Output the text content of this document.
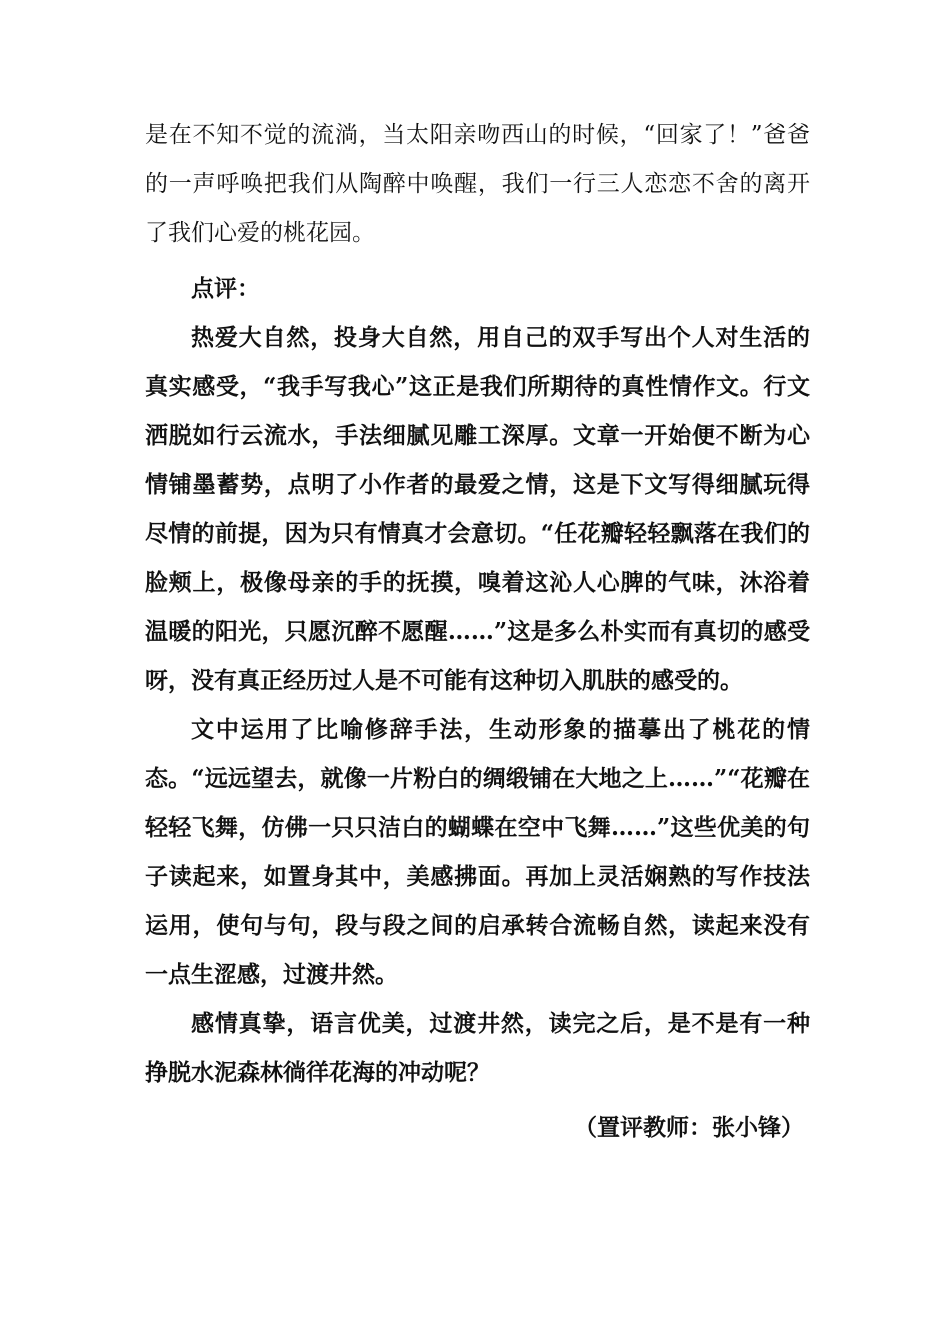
是在不知不觉的流淌，当太阳亲吻西山的时候，“回家了！”爸爸的一声呼唤把我们从陶醉中唤醒，我们一行三人恋恋不舍的离开了我们心爱的桃花园。

点评：

热爱大自然，投身大自然，用自己的双手写出个人对生活的真实感受，“我手写我心”这正是我们所期待的真性情作文。行文洒脱如行云流水，手法细腻见雕工深厚。文章一开始便不断为心情铺墨蓄势，点明了小作者的最爱之情，这是下文写得细腻玩得尽情的前提，因为只有情真才会意切。“任花瓣轻轻飘落在我们的脸颊上，极像母亲的手的抚摸，嗅着这沁人心脾的气味，沐浴着温暖的阳光，只愿沉醉不愿醒……”这是多么朴实而有真切的感受呀，没有真正经历过人是不可能有这种切入肌肤的感受的。

文中运用了比喻修辞手法，生动形象的描摹出了桃花的情态。“远远望去，就像一片粉白的绸缎铺在大地之上……”“花瓣在轻轻飞舞，仿佛一只只洁白的蝴蝶在空中飞舞……”这些优美的句子读起来，如置身其中，美感拂面。再加上灵活娴熟的写作技法运用，使句与句，段与段之间的启承转合流畅自然，读起来没有一点生涩感，过渡井然。

感情真挚，语言优美，过渡井然，读完之后，是不是有一种挣脱水泥森林徜徉花海的冲动呢？

（置评教师：张小锋）
